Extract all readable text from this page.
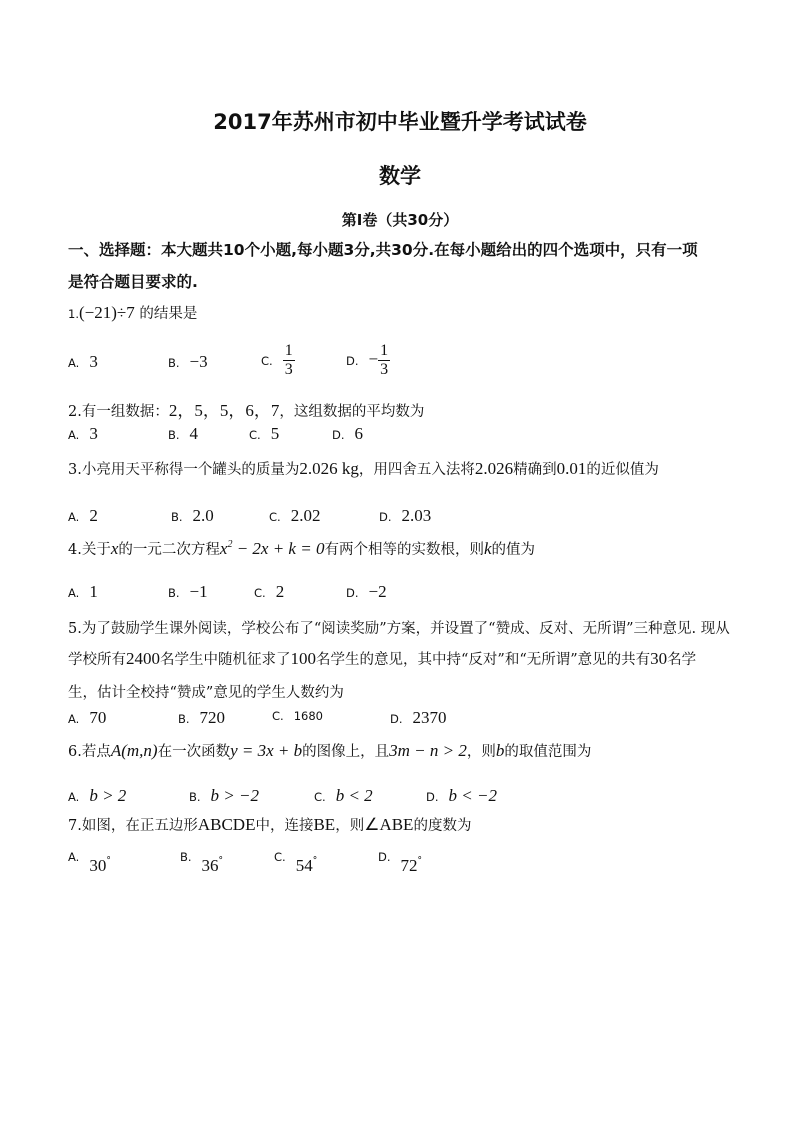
2017年苏州市初中毕业暨升学考试试卷
数学
第Ⅰ卷（共30分）
一、选择题：本大题共10个小题,每小题3分,共30分.在每小题给出的四个选项中，只有一项
是符合题目要求的.
1.(−21)÷7 的结果是
A. 3	B. −3	C. $\frac{1}{3}$	D. − $\frac{1}{3}$
2.有一组数据：2，5，5，6，7，这组数据的平均数为
A. 3	B. 4	C. 5	D. 6
3.小亮用天平称得一个罐头的质量为2.026 kg，用四舍五入法将2.026精确到0.01的近似值为
A. 2	B. 2.0	C. 2.02	D. 2.03
4.关于x的一元二次方程$x^2 - 2x + k = 0$有两个相等的实数根，则k的值为
A. 1	B. −1	C. 2	D. −2
5.为了鼓励学生课外阅读，学校公布了“阅读奖励”方案，并设置了“赞成、反对、无所谓”三种意见. 现从
学校所有2400名学生中随机征求了100名学生的意见，其中持“反对”和“无所谓”意见的共有30名学
生，估计全校持“赞成”意见的学生人数约为
A. 70	B. 720	C. 1680	D. 2370
6.若点A(m,n)在一次函数y = 3x + b的图像上，且3m − n > 2，则b的取值范围为
A. b > 2	B. b > −2	C. b < 2	D. b < −2
7.如图，在正五边形ABCDE中，连接BE，则∠ABE的度数为
A. 30°	B. 36°	C. 54°	D. 72°
